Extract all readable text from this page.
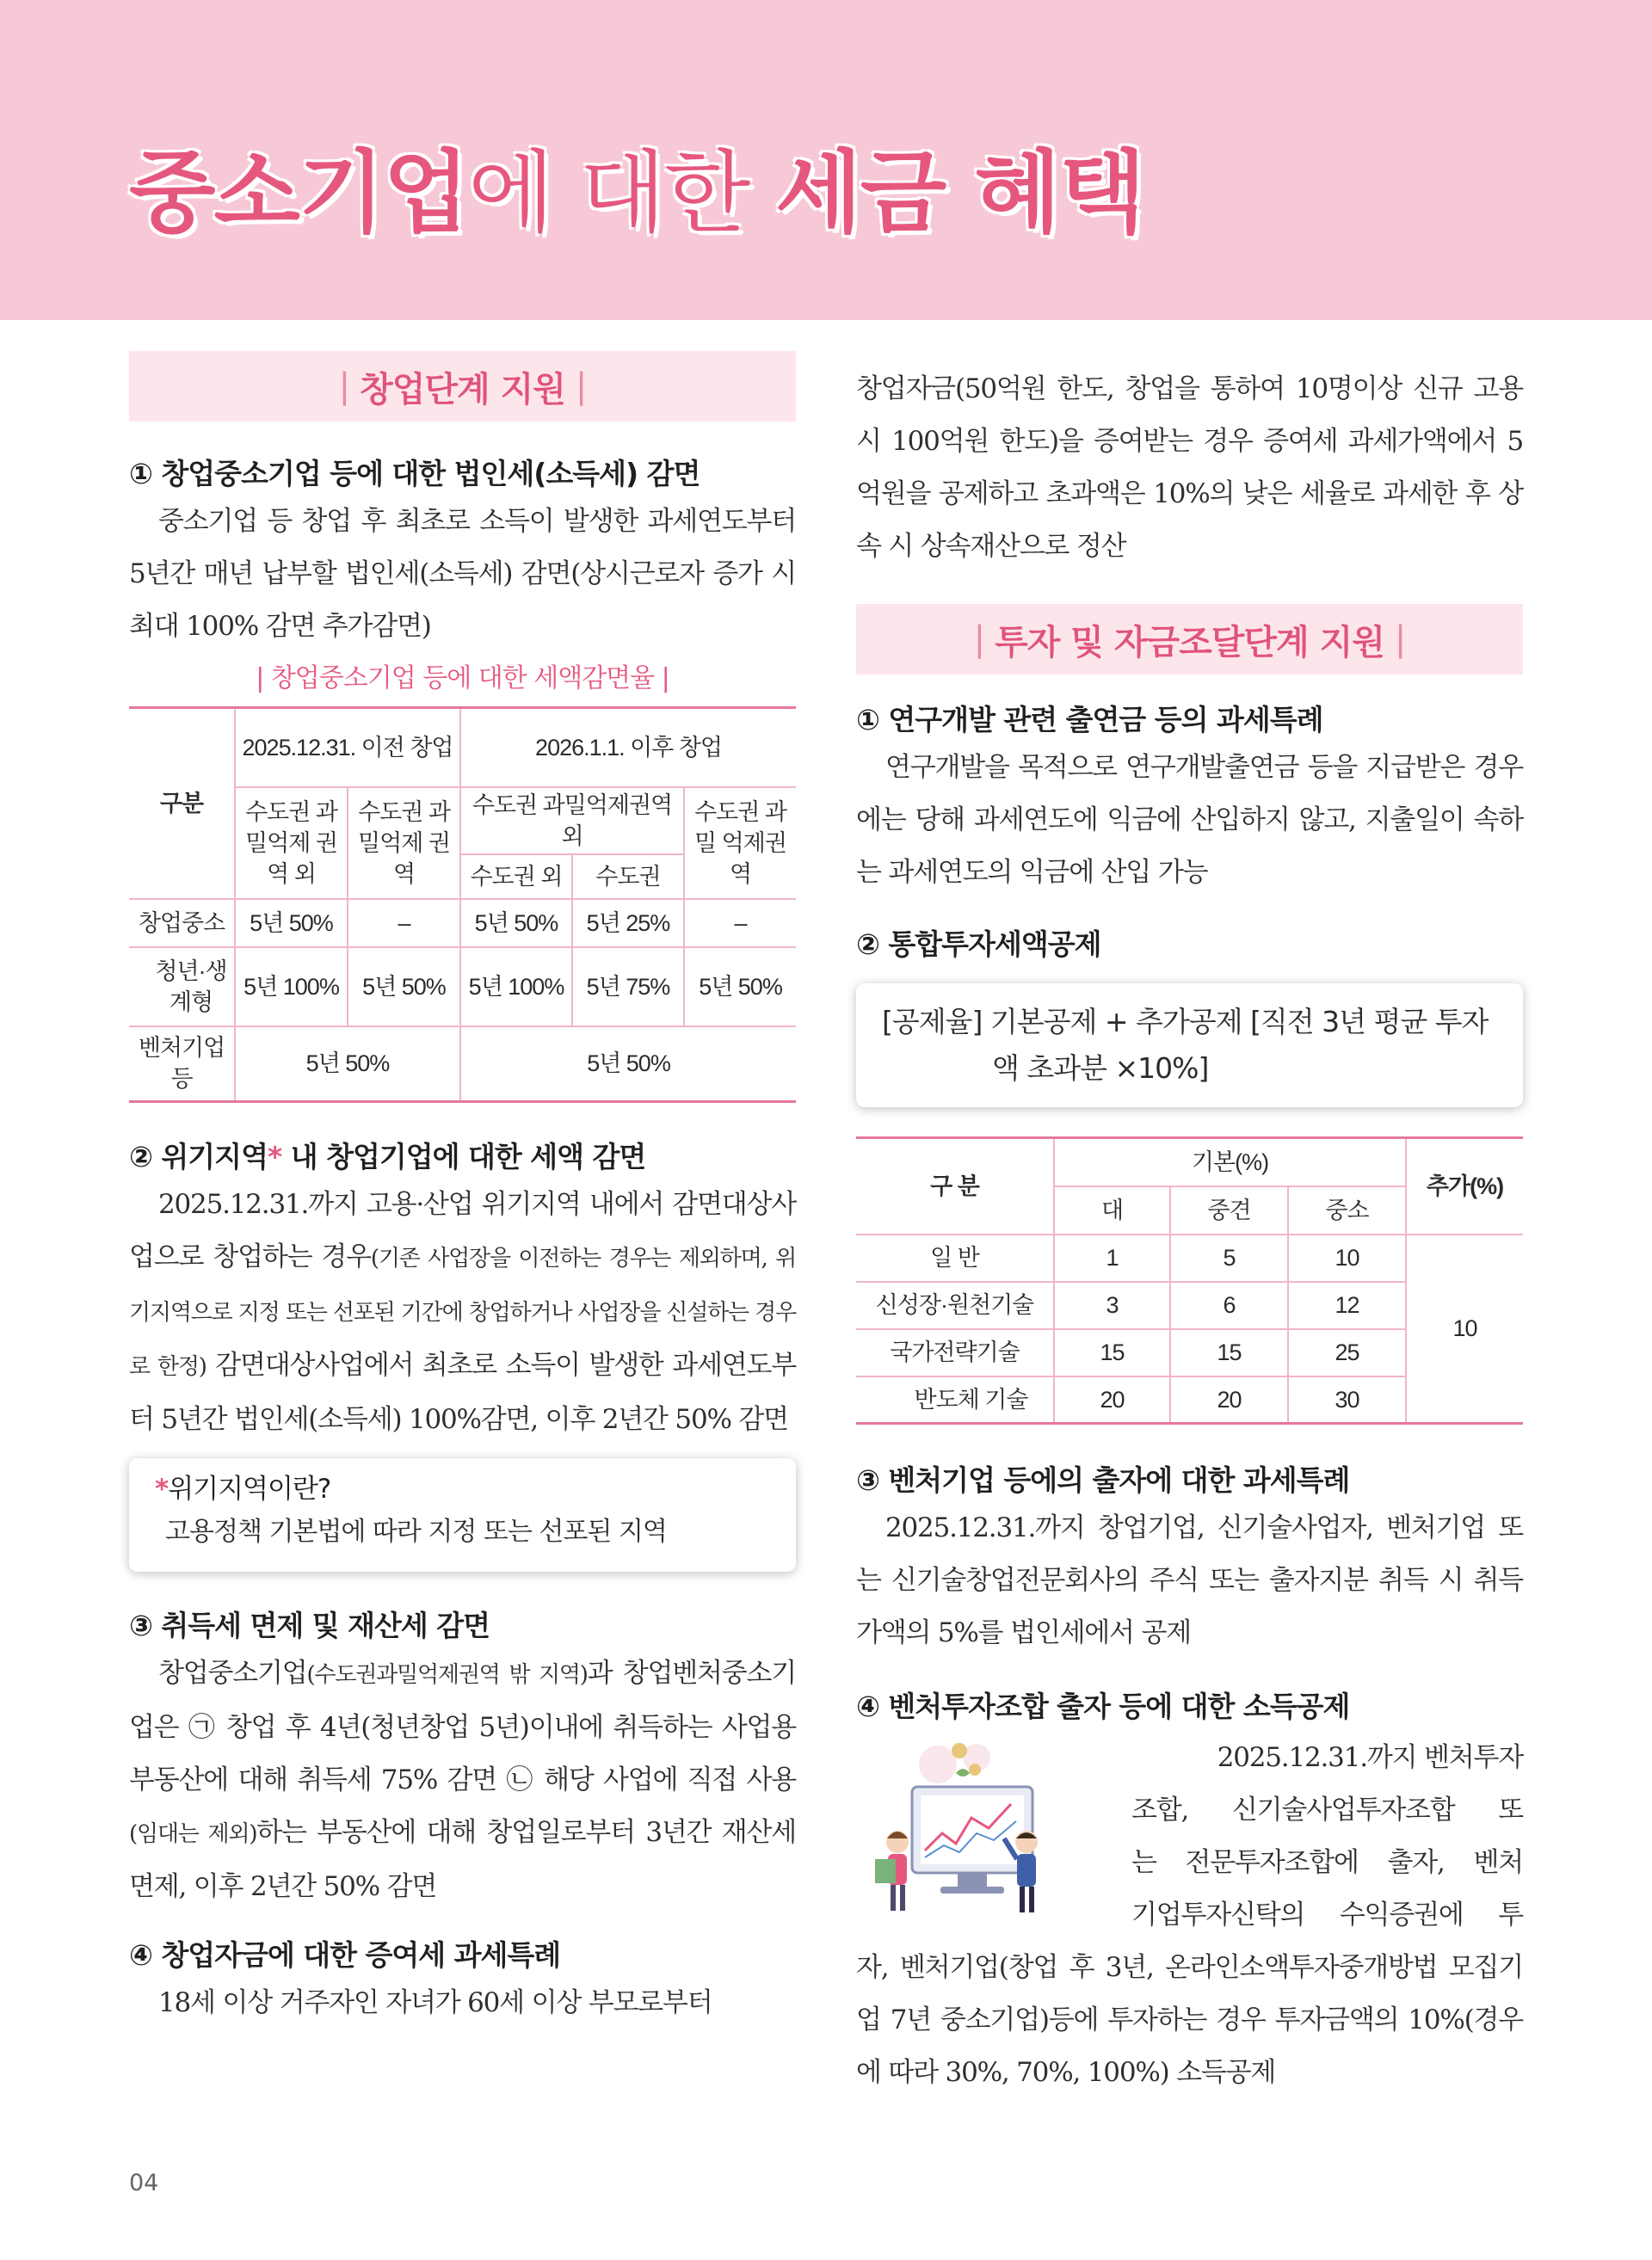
중소기업에 대한 세금 혜택
| 창업단계 지원 |
① 창업중소기업 등에 대한 법인세(소득세) 감면
중소기업 등 창업 후 최초로 소득이 발생한 과세연도부터 5년간 매년 납부할 법인세(소득세) 감면(상시근로자 증가 시 최대 100% 감면 추가감면)
| 창업중소기업 등에 대한 세액감면율 |
구분	2025.12.31. 이전 창업		2026.1.1. 이후 창업		
	수도권 과밀억제 권역 외	수도권 과밀억제 권역	수도권 과밀억제권역 외		수도권 과밀 억제권역
			수도권 외	수도권	
창업중소	5년 50%	–	5년 50%	5년 25%	–
청년·생계형	5년 100%	5년 50%	5년 100%	5년 75%	5년 50%
벤처기업 등	5년 50%		5년 50%		
② 위기지역* 내 창업기업에 대한 세액 감면
2025.12.31.까지 고용·산업 위기지역 내에서 감면대상사업으로 창업하는 경우(기존 사업장을 이전하는 경우는 제외하며, 위기지역으로 지정 또는 선포된 기간에 창업하거나 사업장을 신설하는 경우로 한정) 감면대상사업에서 최초로 소득이 발생한 과세연도부터 5년간 법인세(소득세) 100%감면, 이후 2년간 50% 감면
*위기지역이란?
고용정책 기본법에 따라 지정 또는 선포된 지역
③ 취득세 면제 및 재산세 감면
창업중소기업(수도권과밀억제권역 밖 지역)과 창업벤처중소기업은 ㉠ 창업 후 4년(청년창업 5년)이내에 취득하는 사업용 부동산에 대해 취득세 75% 감면 ㉡ 해당 사업에 직접 사용(임대는 제외)하는 부동산에 대해 창업일로부터 3년간 재산세 면제, 이후 2년간 50% 감면
④ 창업자금에 대한 증여세 과세특례
18세 이상 거주자인 자녀가 60세 이상 부모로부터
창업자금(50억원 한도, 창업을 통하여 10명이상 신규 고용 시 100억원 한도)을 증여받는 경우 증여세 과세가액에서 5억원을 공제하고 초과액은 10%의 낮은 세율로 과세한 후 상속 시 상속재산으로 정산
| 투자 및 자금조달단계 지원 |
① 연구개발 관련 출연금 등의 과세특례
연구개발을 목적으로 연구개발출연금 등을 지급받은 경우에는 당해 과세연도에 익금에 산입하지 않고, 지출일이 속하는 과세연도의 익금에 산입 가능
② 통합투자세액공제
[공제율] 기본공제 + 추가공제 [직전 3년 평균 투자
액 초과분 ×10%]
구 분	기본(%)			추가(%)
	대	중견	중소	
일 반	1	5	10	10
신성장·원천기술	3	6	12	
국가전략기술	15	15	25	
반도체 기술	20	20	30	
③ 벤처기업 등에의 출자에 대한 과세특례
2025.12.31.까지 창업기업, 신기술사업자, 벤처기업 또는 신기술창업전문회사의 주식 또는 출자지분 취득 시 취득가액의 5%를 법인세에서 공제
④ 벤처투자조합 출자 등에 대한 소득공제
2025.12.31.까지 벤처투자
조합, 신기술사업투자조합 또
는 전문투자조합에 출자, 벤처
기업투자신탁의 수익증권에 투
자, 벤처기업(창업 후 3년, 온라인소액투자중개방법 모집기업 7년 중소기업)등에 투자하는 경우 투자금액의 10%(경우에 따라 30%, 70%, 100%) 소득공제
04
